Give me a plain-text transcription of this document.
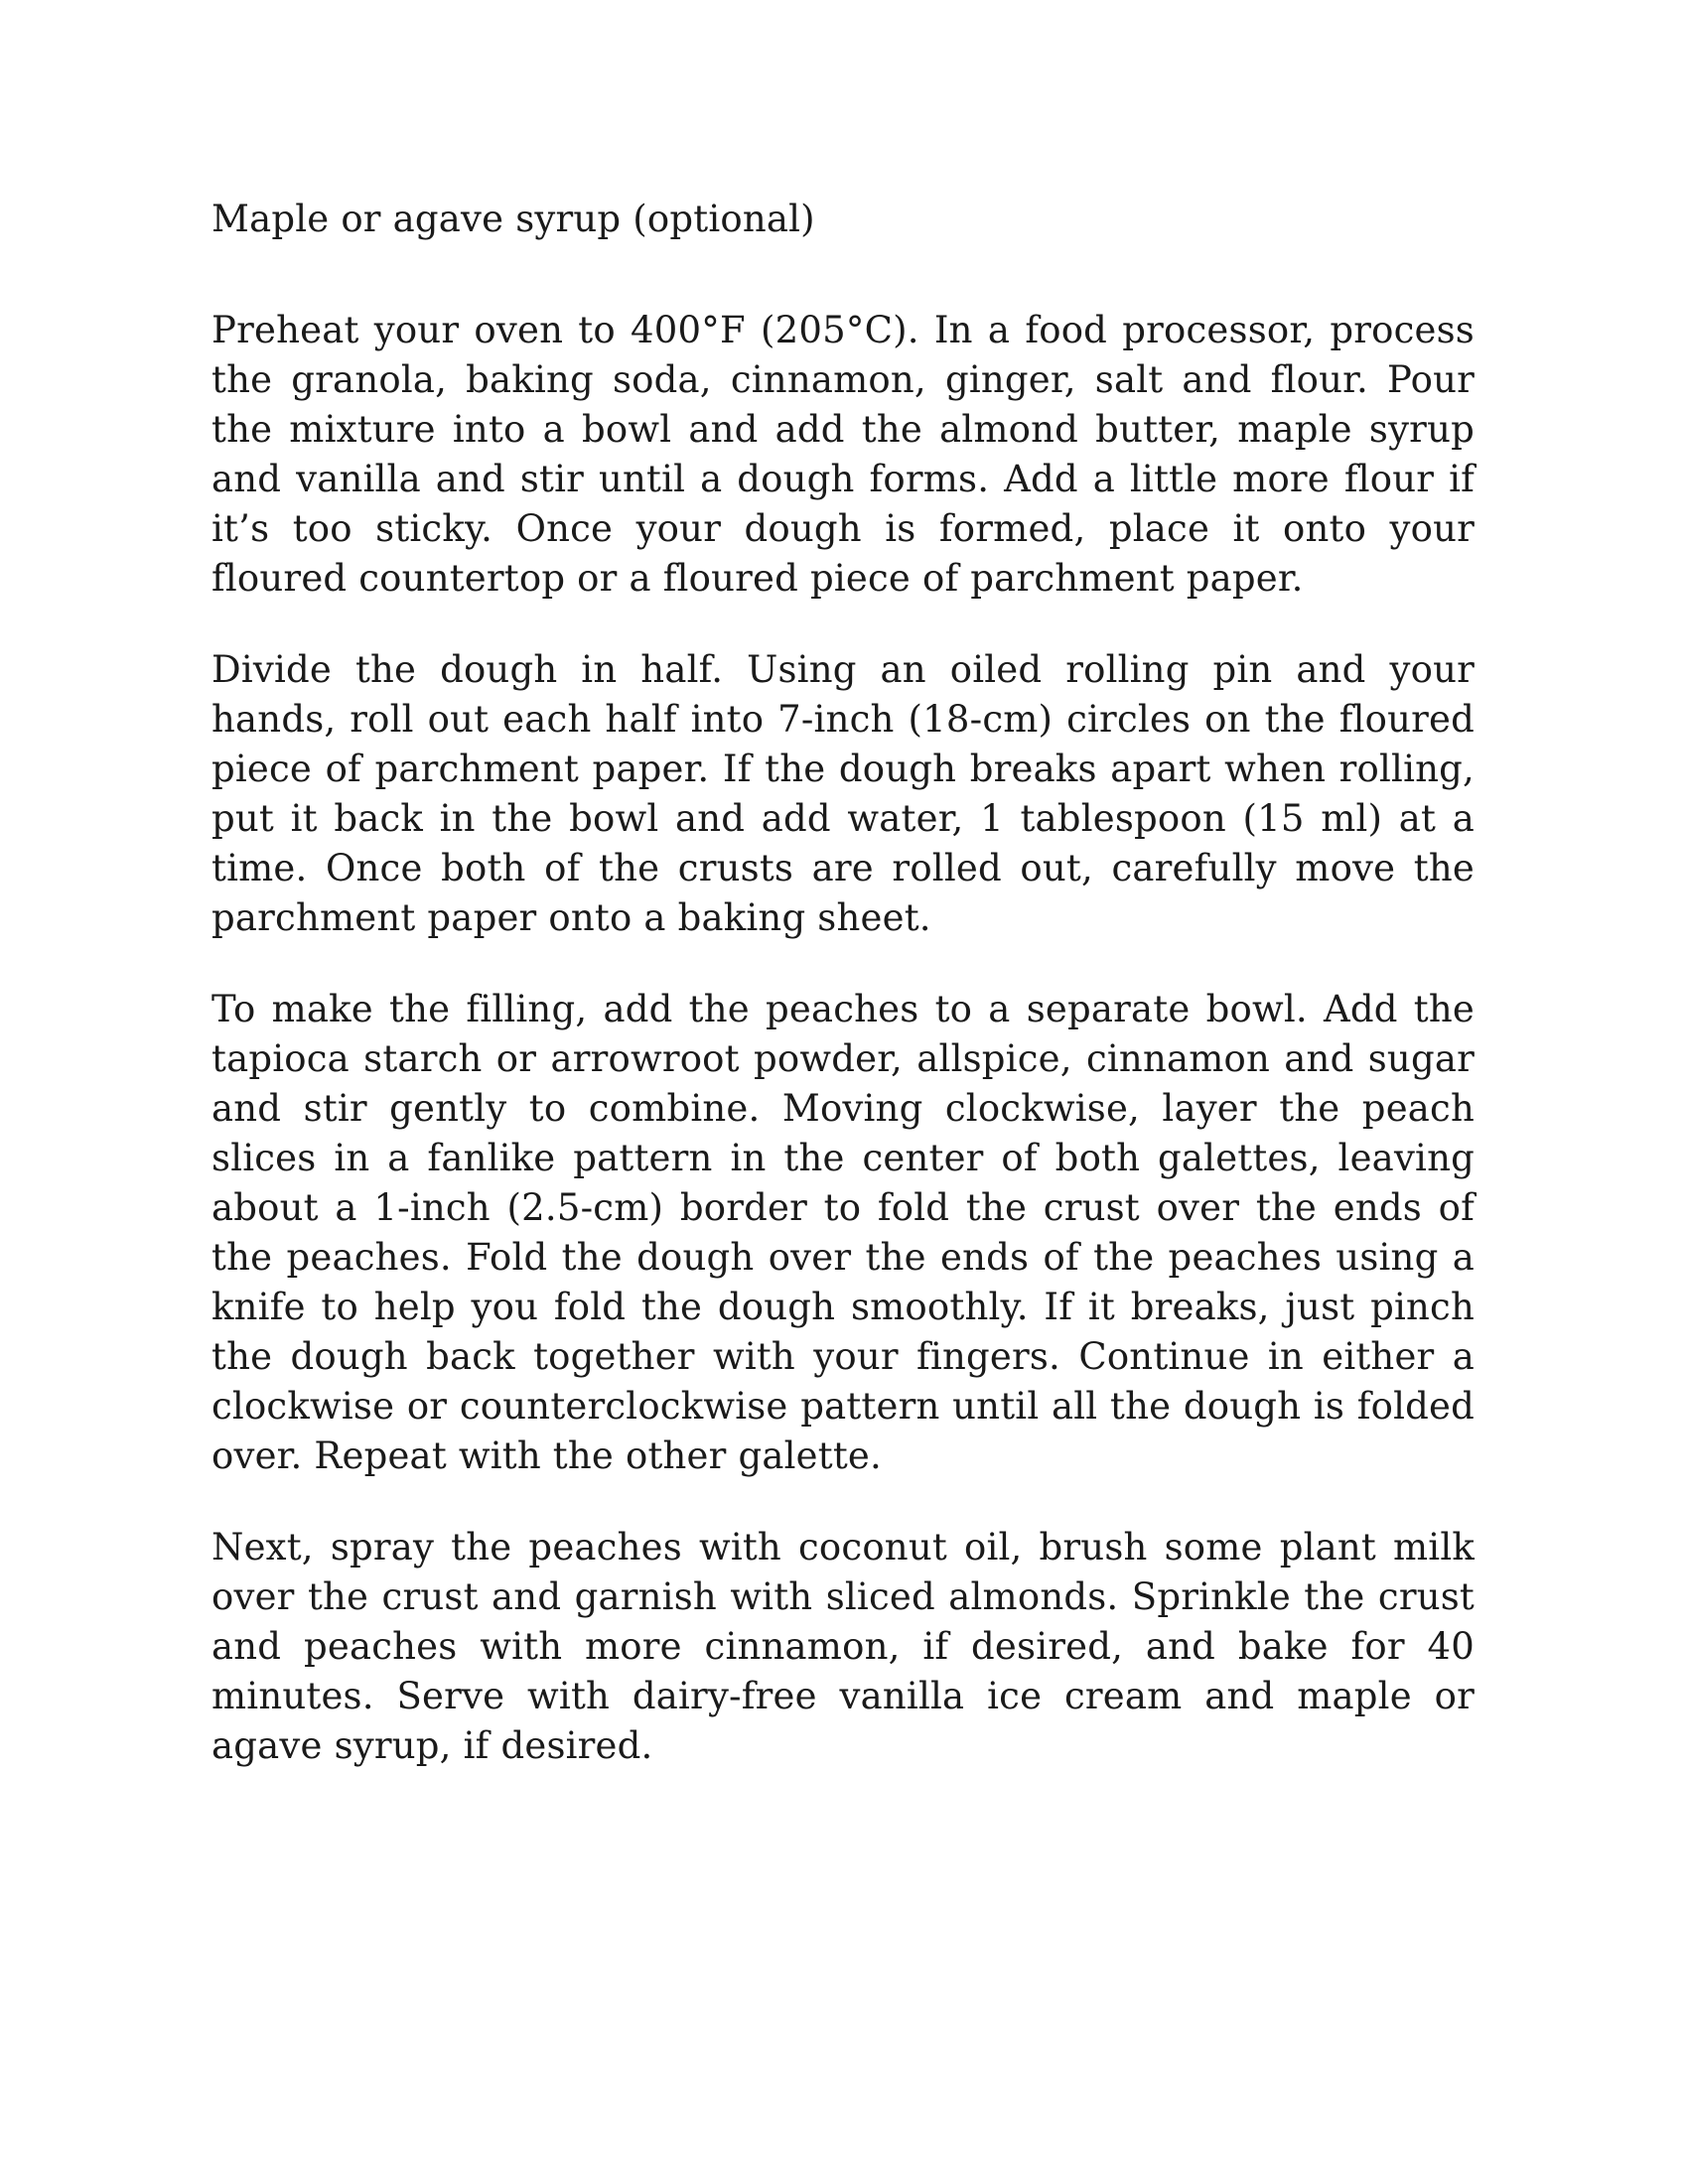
Maple or agave syrup (optional)

Preheat your oven to 400°F (205°C). In a food processor, process the granola, baking soda, cinnamon, ginger, salt and flour. Pour the mixture into a bowl and add the almond butter, maple syrup and vanilla and stir until a dough forms. Add a little more flour if it’s too sticky. Once your dough is formed, place it onto your floured countertop or a floured piece of parchment paper.

Divide the dough in half. Using an oiled rolling pin and your hands, roll out each half into 7-inch (18-cm) circles on the floured piece of parchment paper. If the dough breaks apart when rolling, put it back in the bowl and add water, 1 tablespoon (15 ml) at a time. Once both of the crusts are rolled out, carefully move the parchment paper onto a baking sheet.

To make the filling, add the peaches to a separate bowl. Add the tapioca starch or arrowroot powder, allspice, cinnamon and sugar and stir gently to combine. Moving clockwise, layer the peach slices in a fanlike pattern in the center of both galettes, leaving about a 1-inch (2.5-cm) border to fold the crust over the ends of the peaches. Fold the dough over the ends of the peaches using a knife to help you fold the dough smoothly. If it breaks, just pinch the dough back together with your fingers. Continue in either a clockwise or counterclockwise pattern until all the dough is folded over. Repeat with the other galette.

Next, spray the peaches with coconut oil, brush some plant milk over the crust and garnish with sliced almonds. Sprinkle the crust and peaches with more cinnamon, if desired, and bake for 40 minutes. Serve with dairy-free vanilla ice cream and maple or agave syrup, if desired.
